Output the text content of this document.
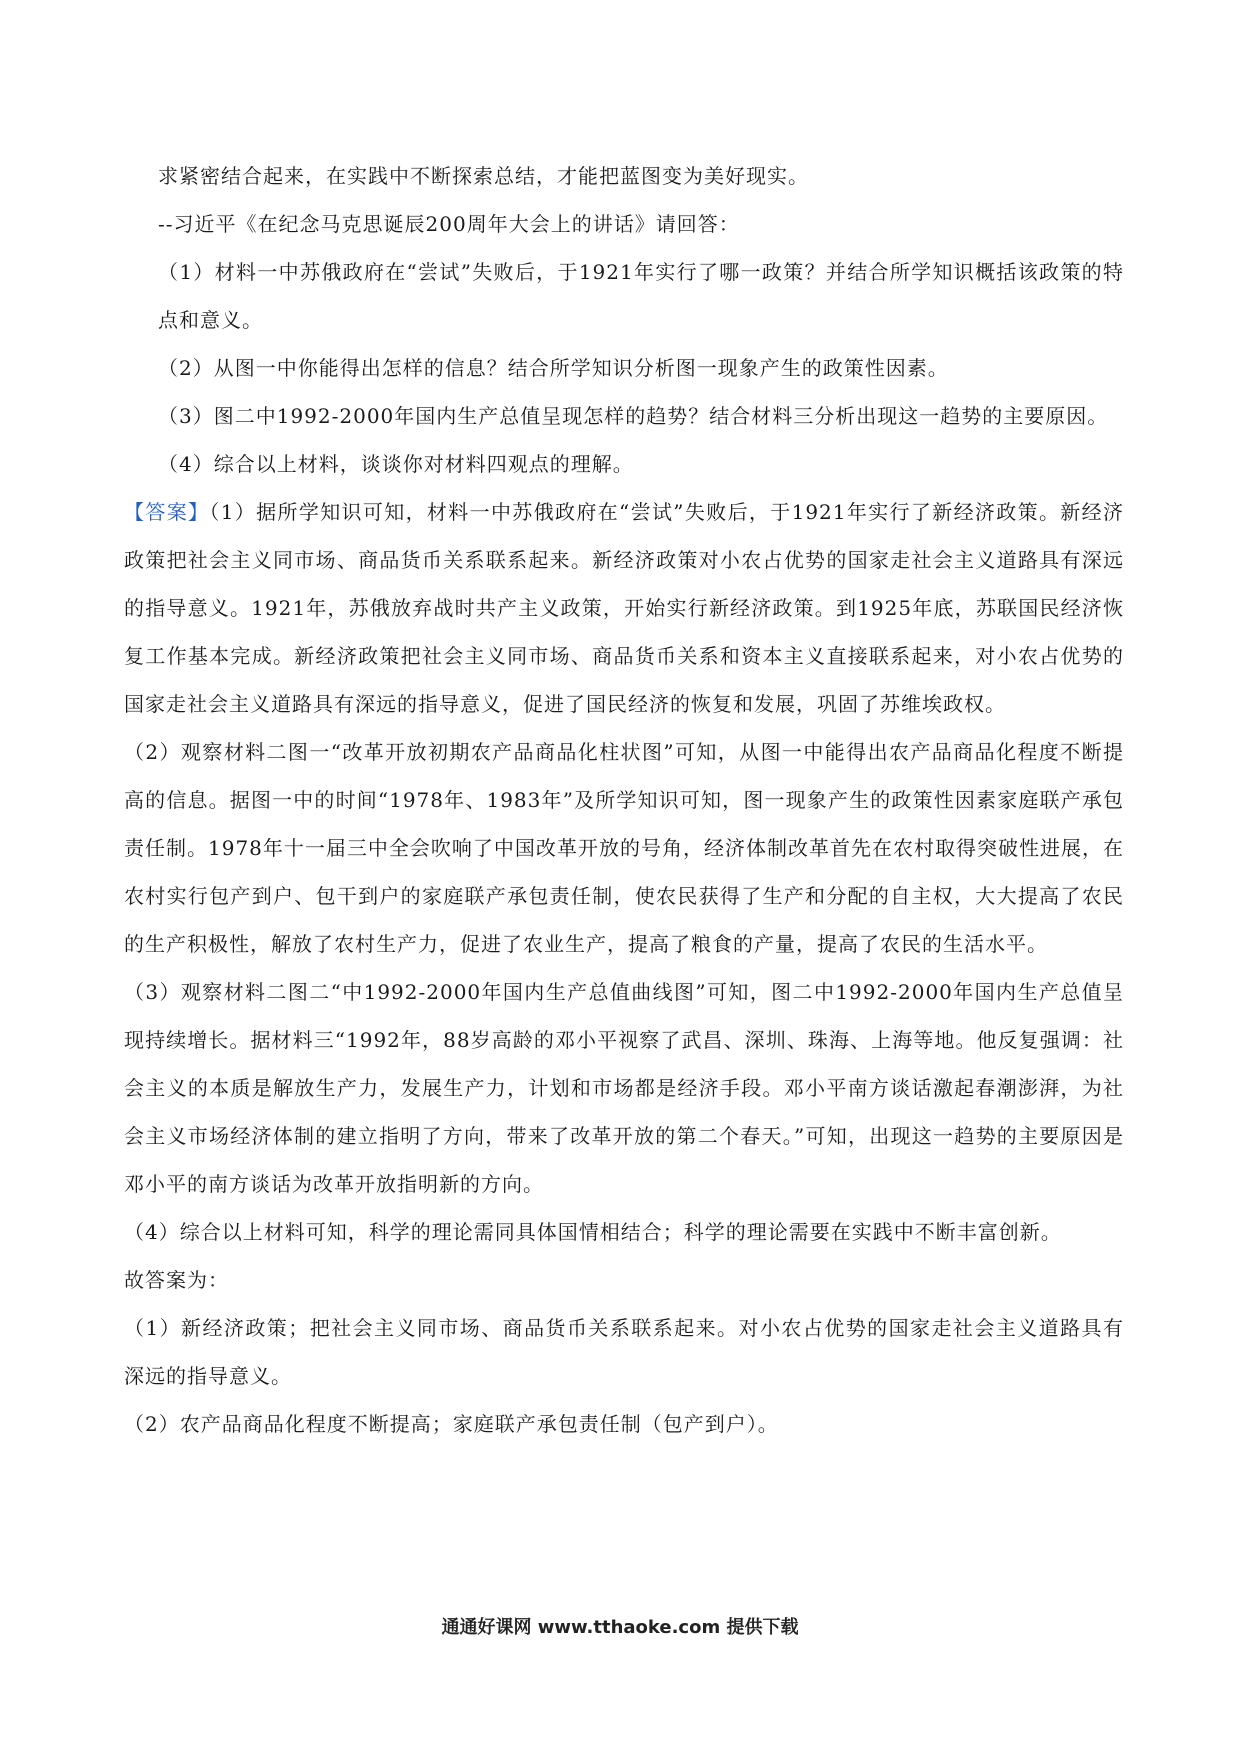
求紧密结合起来，在实践中不断探索总结，才能把蓝图变为美好现实。

--习近平《在纪念马克思诞辰200周年大会上的讲话》请回答：

（1）材料一中苏俄政府在“尝试”失败后，于1921年实行了哪一政策？并结合所学知识概括该政策的特点和意义。

（2）从图一中你能得出怎样的信息？结合所学知识分析图一现象产生的政策性因素。

（3）图二中1992-2000年国内生产总值呈现怎样的趋势？结合材料三分析出现这一趋势的主要原因。

（4）综合以上材料，谈谈你对材料四观点的理解。

【答案】（1）据所学知识可知，材料一中苏俄政府在“尝试”失败后，于1921年实行了新经济政策。新经济政策把社会主义同市场、商品货币关系联系起来。新经济政策对小农占优势的国家走社会主义道路具有深远的指导意义。1921年，苏俄放弃战时共产主义政策，开始实行新经济政策。到1925年底，苏联国民经济恢复工作基本完成。新经济政策把社会主义同市场、商品货币关系和资本主义直接联系起来，对小农占优势的国家走社会主义道路具有深远的指导意义，促进了国民经济的恢复和发展，巩固了苏维埃政权。

（2）观察材料二图一“改革开放初期农产品商品化柱状图”可知，从图一中能得出农产品商品化程度不断提高的信息。据图一中的时间“1978年、1983年”及所学知识可知，图一现象产生的政策性因素家庭联产承包责任制。1978年十一届三中全会吹响了中国改革开放的号角，经济体制改革首先在农村取得突破性进展，在农村实行包产到户、包干到户的家庭联产承包责任制，使农民获得了生产和分配的自主权，大大提高了农民的生产积极性，解放了农村生产力，促进了农业生产，提高了粮食的产量，提高了农民的生活水平。

（3）观察材料二图二“中1992-2000年国内生产总值曲线图”可知，图二中1992-2000年国内生产总值呈现持续增长。据材料三“1992年，88岁高龄的邓小平视察了武昌、深圳、珠海、上海等地。他反复强调：社会主义的本质是解放生产力，发展生产力，计划和市场都是经济手段。邓小平南方谈话激起春潮澎湃，为社会主义市场经济体制的建立指明了方向，带来了改革开放的第二个春天。”可知，出现这一趋势的主要原因是邓小平的南方谈话为改革开放指明新的方向。

（4）综合以上材料可知，科学的理论需同具体国情相结合；科学的理论需要在实践中不断丰富创新。

故答案为：

（1）新经济政策；把社会主义同市场、商品货币关系联系起来。对小农占优势的国家走社会主义道路具有深远的指导意义。

（2）农产品商品化程度不断提高；家庭联产承包责任制（包产到户）。

通通好课网 www.tthaoke.com 提供下载
